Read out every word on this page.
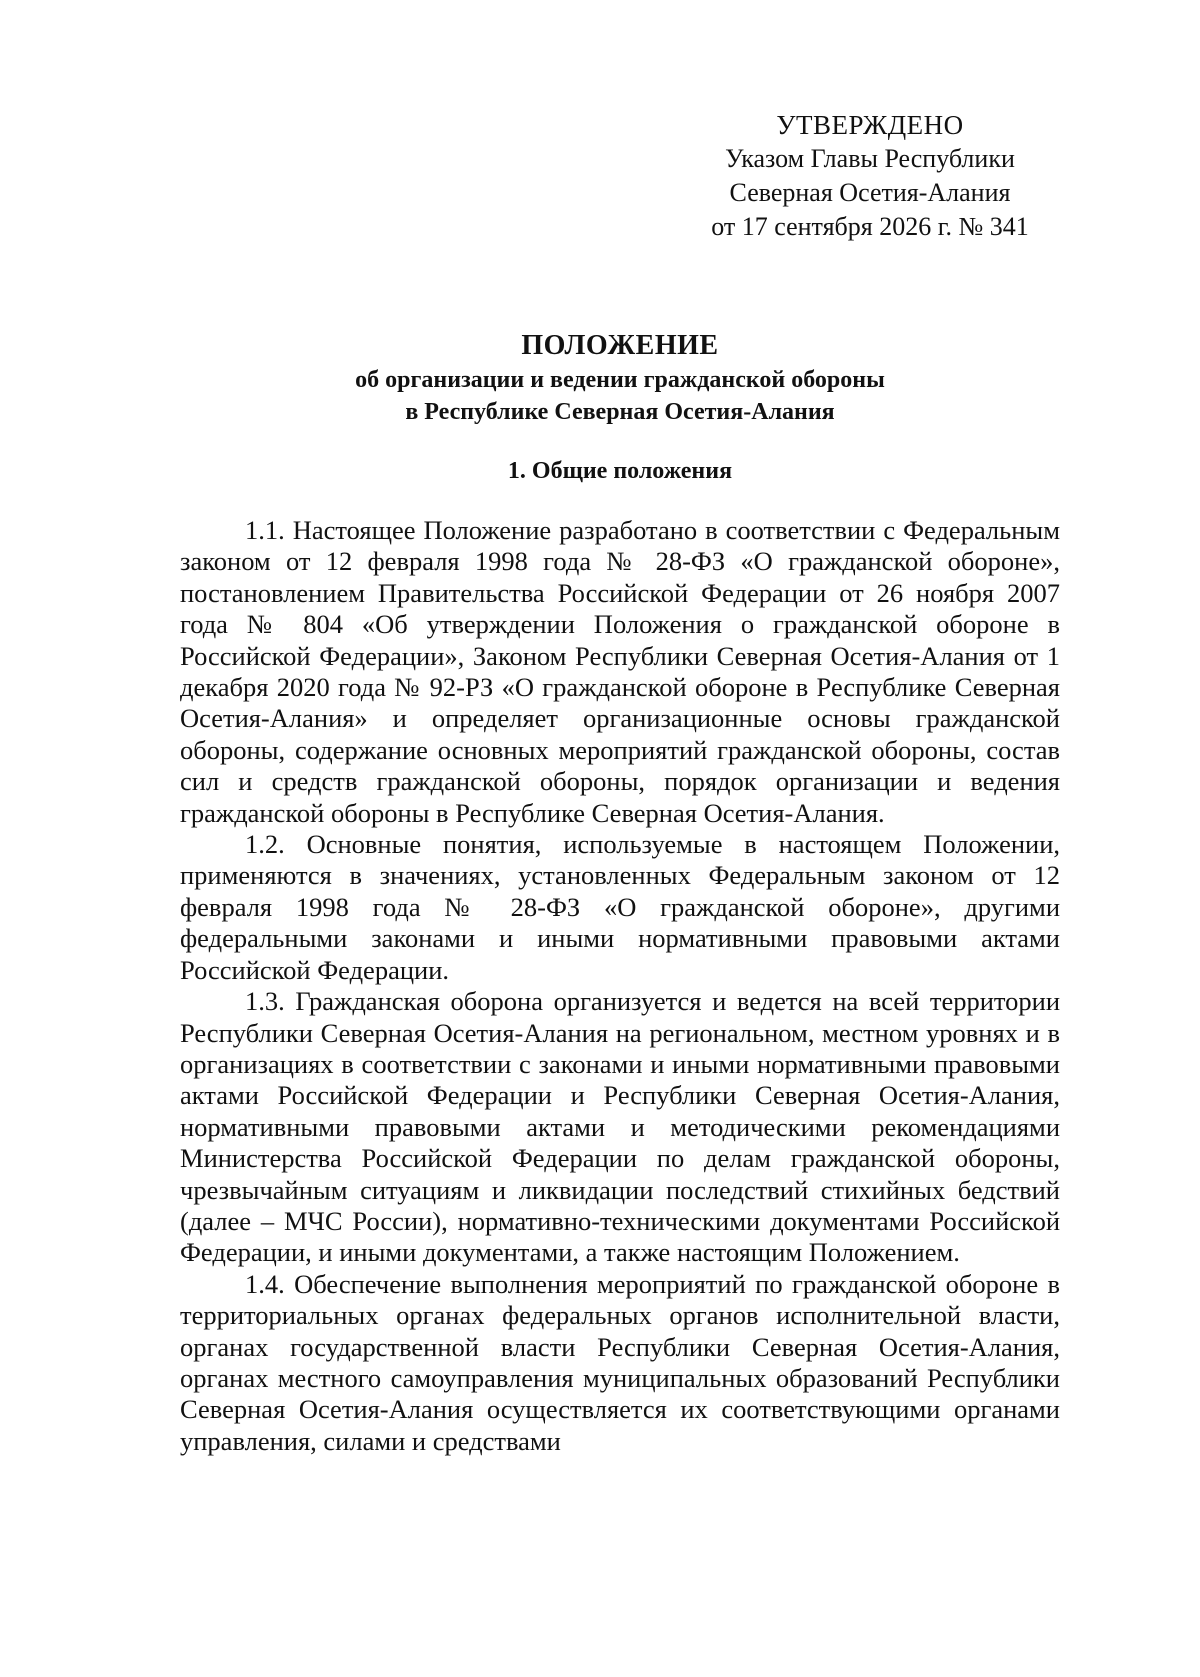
УТВЕРЖДЕНО
Указом Главы Республики
Северная Осетия-Алания
от 17 сентября 2026 г. № 341
ПОЛОЖЕНИЕ
об организации и ведении гражданской обороны
в Республике Северная Осетия-Алания
1. Общие положения

1.1. Настоящее Положение разработано в соответствии с Федеральным законом от 12 февраля 1998 года № 28-ФЗ «О гражданской обороне», постановлением Правительства Российской Федерации от 26 ноября 2007 года № 804 «Об утверждении Положения о гражданской обороне в Российской Федерации», Законом Республики Северная Осетия-Алания от 1 декабря 2020 года № 92-РЗ «О гражданской обороне в Республике Северная Осетия-Алания» и определяет организационные основы гражданской обороны, содержание основных мероприятий гражданской обороны, состав сил и средств гражданской обороны, порядок организации и ведения гражданской обороны в Республике Северная Осетия-Алания.

1.2. Основные понятия, используемые в настоящем Положении, применяются в значениях, установленных Федеральным законом от 12 февраля 1998 года № 28-ФЗ «О гражданской обороне», другими федеральными законами и иными нормативными правовыми актами Российской Федерации.

1.3. Гражданская оборона организуется и ведется на всей территории Республики Северная Осетия-Алания на региональном, местном уровнях и в организациях в соответствии с законами и иными нормативными правовыми актами Российской Федерации и Республики Северная Осетия-Алания, нормативными правовыми актами и методическими рекомендациями Министерства Российской Федерации по делам гражданской обороны, чрезвычайным ситуациям и ликвидации последствий стихийных бедствий (далее – МЧС России), нормативно-техническими документами Российской Федерации, и иными документами, а также настоящим Положением.

1.4. Обеспечение выполнения мероприятий по гражданской обороне в территориальных органах федеральных органов исполнительной власти, органах государственной власти Республики Северная Осетия-Алания, органах местного самоуправления муниципальных образований Республики Северная Осетия-Алания осуществляется их соответствующими органами управления, силами и средствами
